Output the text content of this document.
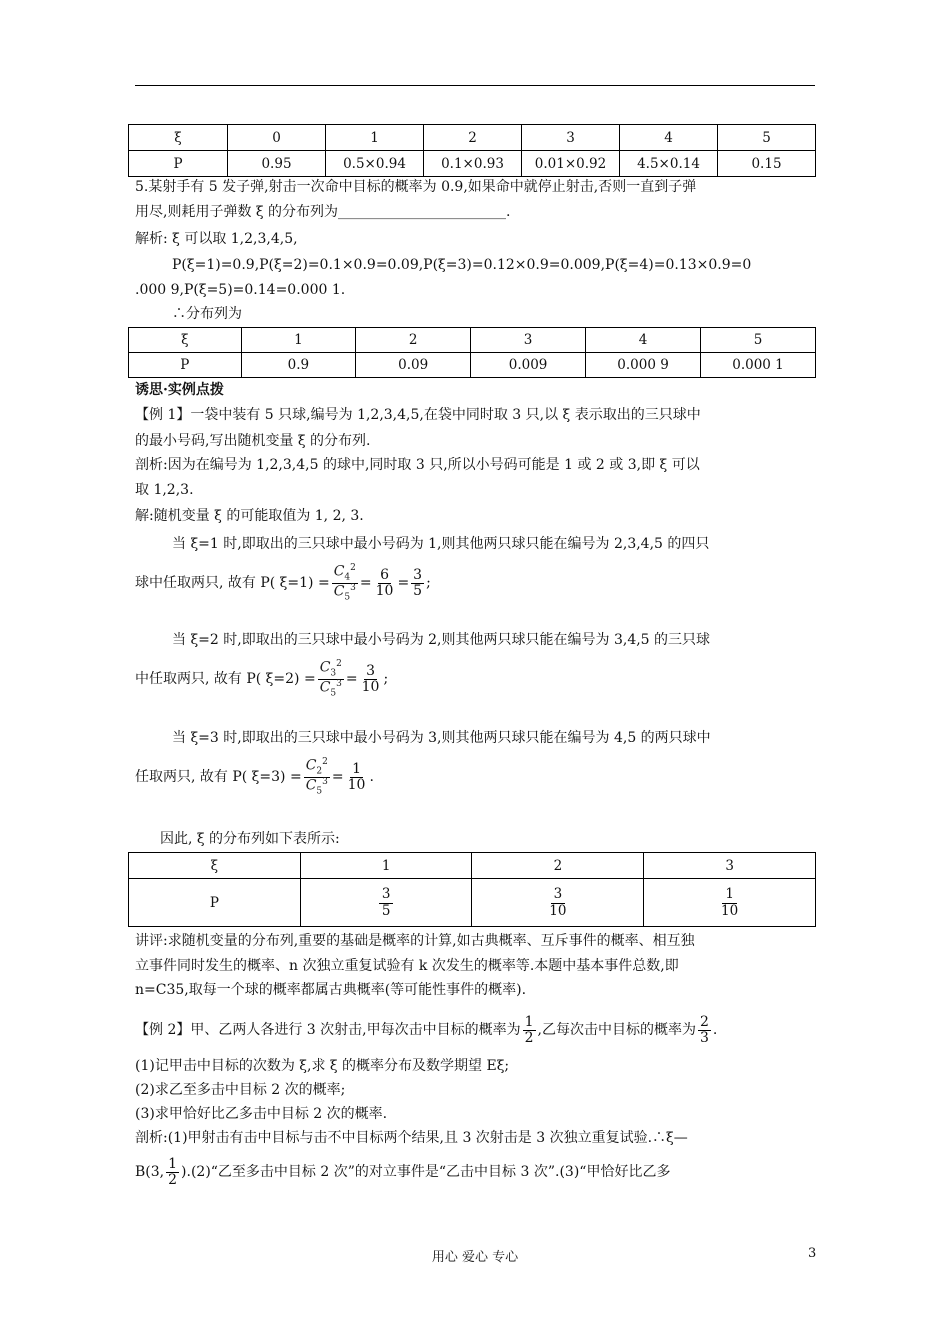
ξ	0	1	2	3	4	5
P	0.95	0.5×0.94	0.1×0.93	0.01×0.92	4.5×0.14	0.15
5.某射手有 5 发子弹,射击一次命中目标的概率为 0.9,如果命中就停止射击,否则一直到子弹
用尽,则耗用子弹数 ξ 的分布列为________________________.
解析: ξ 可以取 1,2,3,4,5,
P(ξ=1)=0.9,P(ξ=2)=0.1×0.9=0.09,P(ξ=3)=0.12×0.9=0.009,P(ξ=4)=0.13×0.9=0
.000 9,P(ξ=5)=0.14=0.000 1.
∴分布列为
ξ	1	2	3	4	5
P	0.9	0.09	0.009	0.000 9	0.000 1
诱思·实例点拨
【例 1】一袋中装有 5 只球,编号为 1,2,3,4,5,在袋中同时取 3 只,以 ξ 表示取出的三只球中
的最小号码,写出随机变量 ξ 的分布列.
剖析:因为在编号为 1,2,3,4,5 的球中,同时取 3 只,所以小号码可能是 1 或 2 或 3,即 ξ 可以
取 1,2,3.
解:随机变量 ξ 的可能取值为 1, 2, 3.
当 ξ=1 时,即取出的三只球中最小号码为 1,则其他两只球只能在编号为 2,3,4,5 的四只
球中任取两只, 故有 P( $\xi=1) = \frac{C_4^2}{C_5^3} = \frac{6}{10} = \frac{3}{5}$ ;
当 ξ=2 时,即取出的三只球中最小号码为 2,则其他两只球只能在编号为 3,4,5 的三只球
中任取两只, 故有 P( $\xi=2) = \frac{C_3^2}{C_5^3} = \frac{3}{10}$ ;
当 ξ=3 时,即取出的三只球中最小号码为 3,则其他两只球只能在编号为 4,5 的两只球中
任取两只, 故有 P( $\xi=3) = \frac{C_2^2}{C_5^3} = \frac{1}{10}$ .
因此, ξ 的分布列如下表所示:
ξ	1	2	3
P	$\frac{3}{5}$	$\frac{3}{10}$	$\frac{1}{10}$
讲评:求随机变量的分布列,重要的基础是概率的计算,如古典概率、互斥事件的概率、相互独
立事件同时发生的概率、n 次独立重复试验有 k 次发生的概率等.本题中基本事件总数,即
n=C35,取每一个球的概率都属古典概率(等可能性事件的概率).
【例 2】甲、乙两人各进行 3 次射击,甲每次击中目标的概率为 $\frac{1}{2}$ ,乙每次击中目标的概率为 $\frac{2}{3}$ .
(1)记甲击中目标的次数为 ξ,求 ξ 的概率分布及数学期望 Eξ;
(2)求乙至多击中目标 2 次的概率;
(3)求甲恰好比乙多击中目标 2 次的概率.
剖析:(1)甲射击有击中目标与击不中目标两个结果,且 3 次射击是 3 次独立重复试验.∴ξ—
B(3, $\frac{1}{2}$ ).(2)“乙至多击中目标 2 次”的对立事件是“乙击中目标 3 次”.(3)“甲恰好比乙多
用心 爱心 专心	3
